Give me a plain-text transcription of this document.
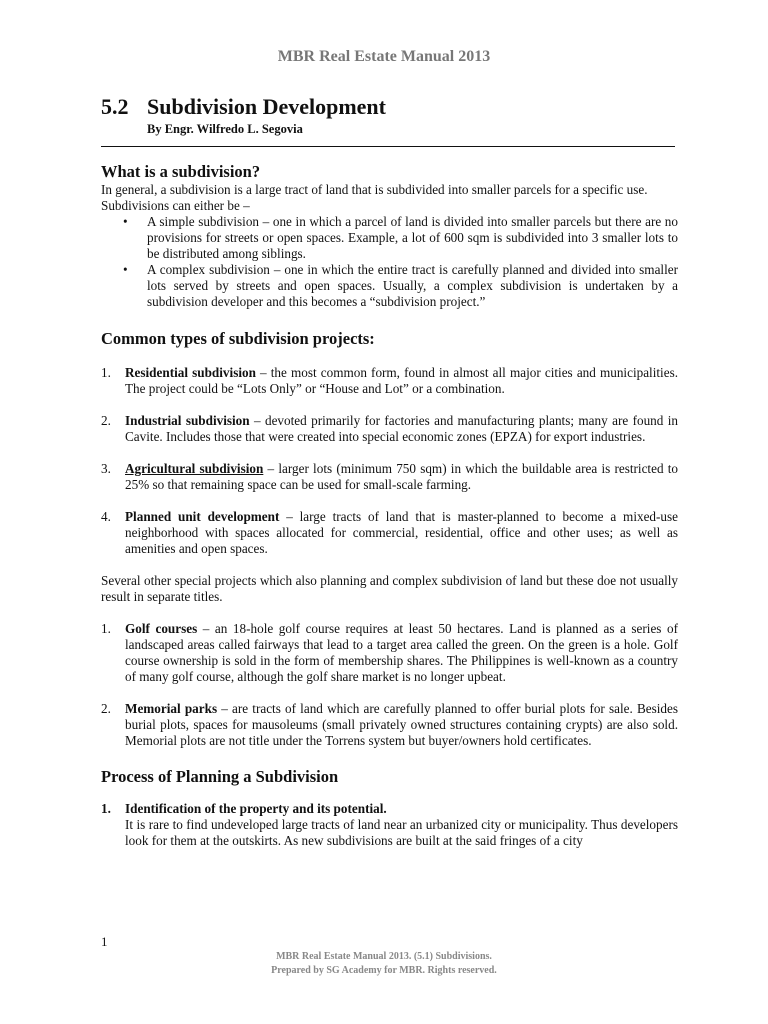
MBR Real Estate Manual 2013
5.2 Subdivision Development
By Engr. Wilfredo L. Segovia
What is a subdivision?

In general, a subdivision is a large tract of land that is subdivided into smaller parcels for a specific use. Subdivisions can either be –

• A simple subdivision – one in which a parcel of land is divided into smaller parcels but there are no provisions for streets or open spaces. Example, a lot of 600 sqm is subdivided into 3 smaller lots to be distributed among siblings.
• A complex subdivision – one in which the entire tract is carefully planned and divided into smaller lots served by streets and open spaces. Usually, a complex subdivision is undertaken by a subdivision developer and this becomes a “subdivision project.”
Common types of subdivision projects:
1. Residential subdivision – the most common form, found in almost all major cities and municipalities. The project could be “Lots Only” or “House and Lot” or a combination.
2. Industrial subdivision – devoted primarily for factories and manufacturing plants; many are found in Cavite. Includes those that were created into special economic zones (EPZA) for export industries.
3. Agricultural subdivision – larger lots (minimum 750 sqm) in which the buildable area is restricted to 25% so that remaining space can be used for small-scale farming.
4. Planned unit development – large tracts of land that is master-planned to become a mixed-use neighborhood with spaces allocated for commercial, residential, office and other uses; as well as amenities and open spaces.

Several other special projects which also planning and complex subdivision of land but these doe not usually result in separate titles.

1. Golf courses – an 18-hole golf course requires at least 50 hectares. Land is planned as a series of landscaped areas called fairways that lead to a target area called the green. On the green is a hole. Golf course ownership is sold in the form of membership shares. The Philippines is well-known as a country of many golf course, although the golf share market is no longer upbeat.
2. Memorial parks – are tracts of land which are carefully planned to offer burial plots for sale. Besides burial plots, spaces for mausoleums (small privately owned structures containing crypts) are also sold. Memorial plots are not title under the Torrens system but buyer/owners hold certificates.
Process of Planning a Subdivision
1. Identification of the property and its potential.
It is rare to find undeveloped large tracts of land near an urbanized city or municipality. Thus developers look for them at the outskirts. As new subdivisions are built at the said fringes of a city
1
MBR Real Estate Manual 2013. (5.1) Subdivisions.
Prepared by SG Academy for MBR. Rights reserved.
